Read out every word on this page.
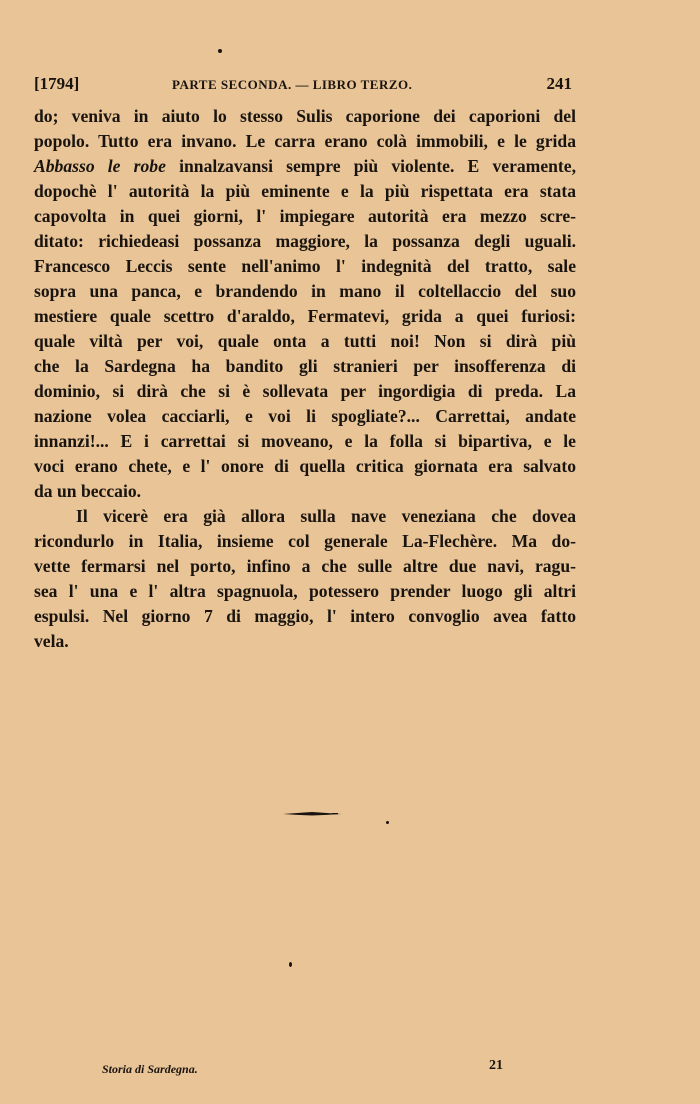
[1794]	PARTE SECONDA. — LIBRO TERZO.	241
do; veniva in aiuto lo stesso Sulis caporione dei caporioni del
popolo. Tutto era invano. Le carra erano colà immobili, e le grida
Abbasso le robe innalzavansi sempre più violente. E veramente,
dopochè l' autorità la più eminente e la più rispettata era stata
capovolta in quei giorni, l' impiegare autorità era mezzo scre-
ditato: richiedeasi possanza maggiore, la possanza degli uguali.
Francesco Leccis sente nell'animo l' indegnità del tratto, sale
sopra una panca, e brandendo in mano il coltellaccio del suo
mestiere quale scettro d'araldo, Fermatevi, grida a quei furiosi:
quale viltà per voi, quale onta a tutti noi! Non si dirà più
che la Sardegna ha bandito gli stranieri per insofferenza di
dominio, si dirà che si è sollevata per ingordigia di preda. La
nazione volea cacciarli, e voi li spogliate?... Carrettai, andate
innanzi!... E i carrettai si moveano, e la folla si bipartiva, e le
voci erano chete, e l' onore di quella critica giornata era salvato
da un beccaio.
Il vicerè era già allora sulla nave veneziana che dovea
ricondurlo in Italia, insieme col generale La-Flechère. Ma do-
vette fermarsi nel porto, infino a che sulle altre due navi, ragu-
sea l' una e l' altra spagnuola, potessero prender luogo gli altri
espulsi. Nel giorno 7 di maggio, l' intero convoglio avea fatto
vela.
Storia di Sardegna.	21
